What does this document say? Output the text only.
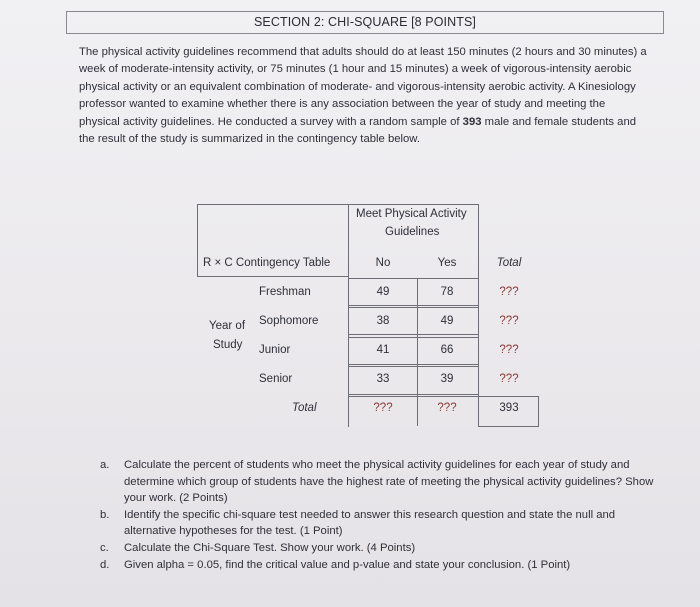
SECTION 2: CHI-SQUARE [8 POINTS]

The physical activity guidelines recommend that adults should do at least 150 minutes (2 hours and 30 minutes) a week of moderate-intensity activity, or 75 minutes (1 hour and 15 minutes) a week of vigorous-intensity aerobic physical activity or an equivalent combination of moderate- and vigorous-intensity aerobic activity. A Kinesiology professor wanted to examine whether there is any association between the year of study and meeting the physical activity guidelines. He conducted a survey with a random sample of 393 male and female students and the result of the study is summarized in the contingency table below.

Meet Physical Activity
Guidelines
R × C Contingency Table	No	Yes	Total
Year of
Study
Freshman	49	78	???
Sophomore	38	49	???
Junior	41	66	???
Senior	33	39	???
Total	???	???	393
a. Calculate the percent of students who meet the physical activity guidelines for each year of study and determine which group of students have the highest rate of meeting the physical activity guidelines? Show your work. (2 Points)
b. Identify the specific chi-square test needed to answer this research question and state the null and alternative hypotheses for the test. (1 Point)
c. Calculate the Chi-Square Test. Show your work. (4 Points)
d. Given alpha = 0.05, find the critical value and p-value and state your conclusion. (1 Point)
